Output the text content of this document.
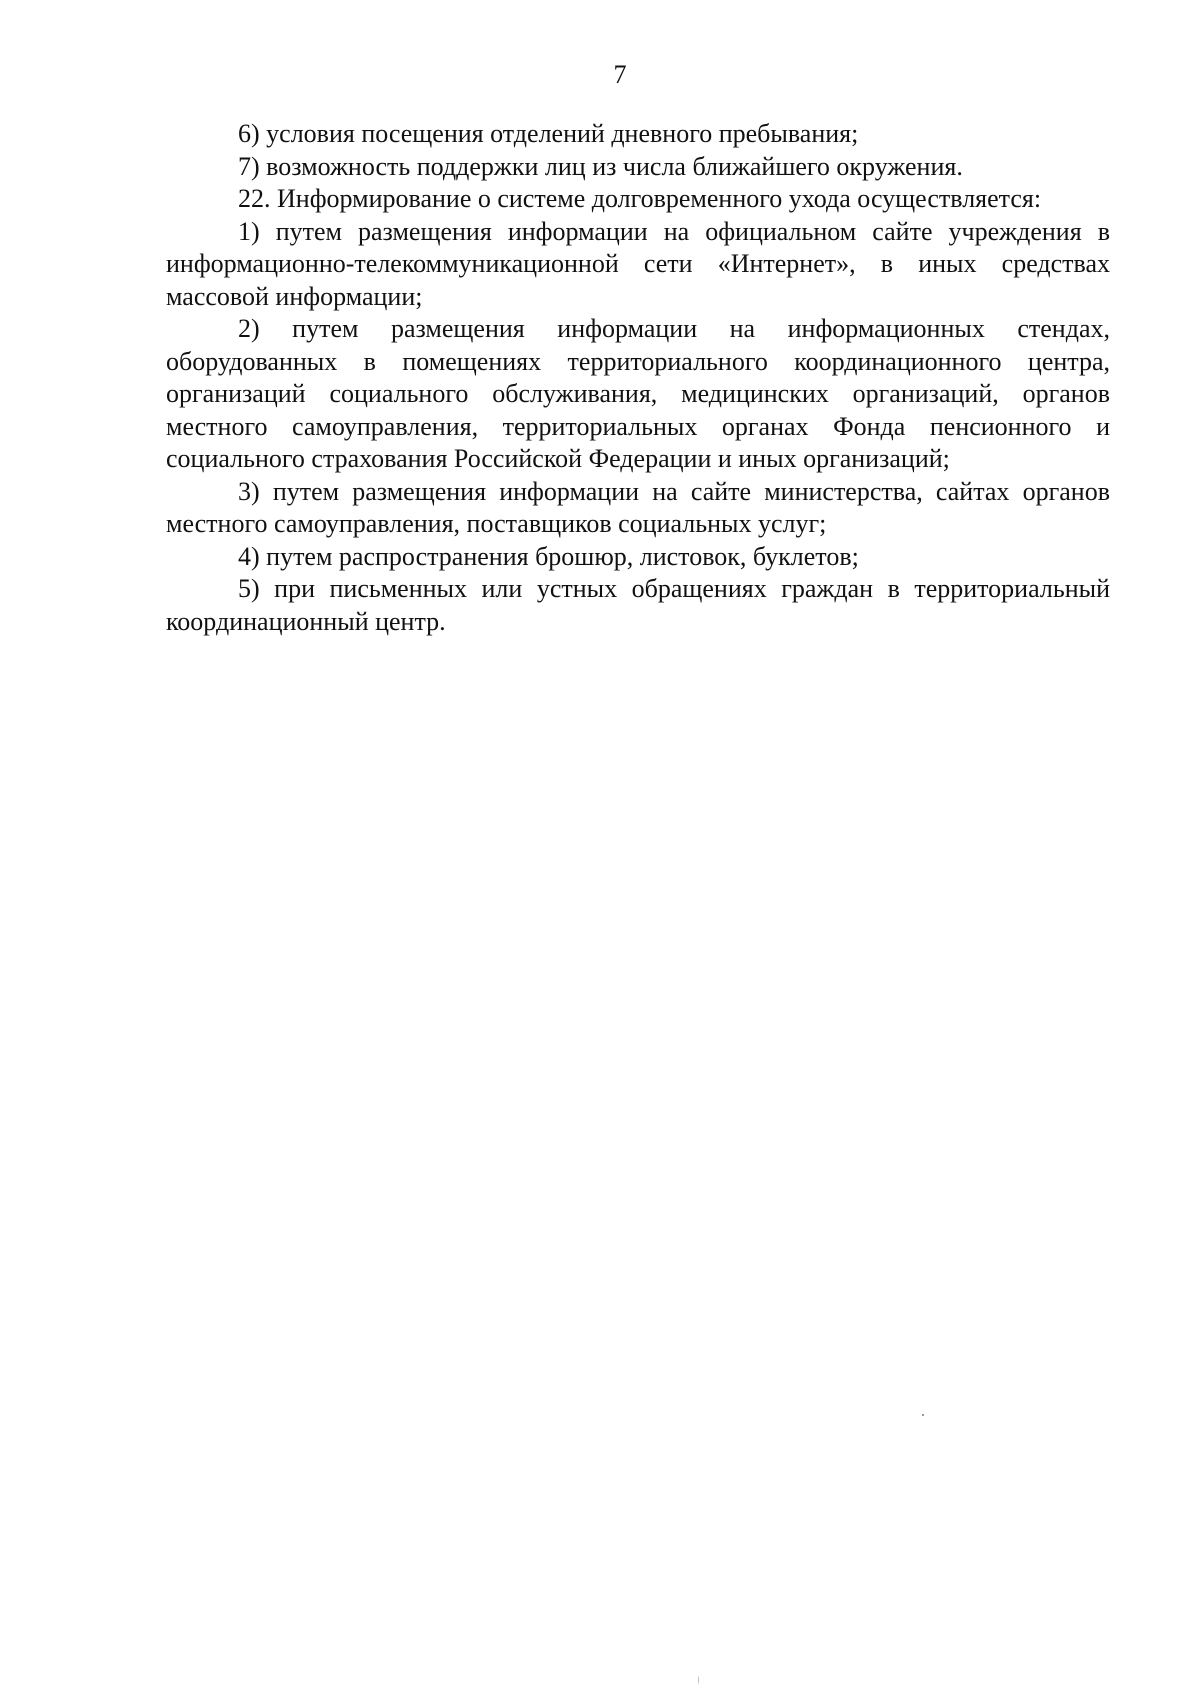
7

6) условия посещения отделений дневного пребывания;

7) возможность поддержки лиц из числа ближайшего окружения.

22. Информирование о системе долговременного ухода осуществляется:

1) путем размещения информации на официальном сайте учреждения в информационно-телекоммуникационной сети «Интернет», в иных средствах массовой информации;

2) путем размещения информации на информационных стендах, оборудованных в помещениях территориального координационного центра, организаций социального обслуживания, медицинских организаций, органов местного самоуправления, территориальных органах Фонда пенсионного и социального страхования Российской Федерации и иных организаций;

3) путем размещения информации на сайте министерства, сайтах органов местного самоуправления, поставщиков социальных услуг;

4) путем распространения брошюр, листовок, буклетов;

5) при письменных или устных обращениях граждан в территориальный координационный центр.
